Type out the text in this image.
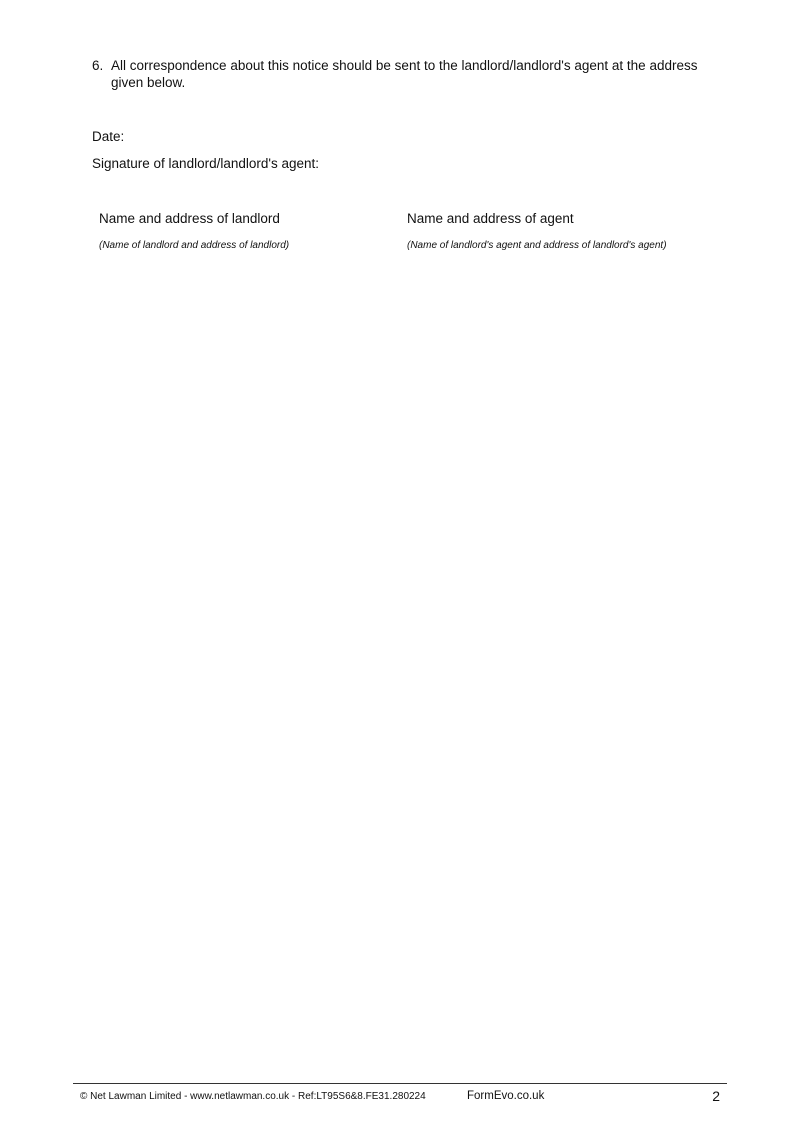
6. All correspondence about this notice should be sent to the landlord/landlord's agent at the address given below.
Date:
Signature of landlord/landlord's agent:
Name and address of landlord
(Name of landlord and address of landlord)
Name and address of agent
(Name of landlord's agent and address of landlord's agent)
© Net Lawman Limited - www.netlawman.co.uk - Ref:LT95S6&8.FE31.280224	FormEvo.co.uk	2
